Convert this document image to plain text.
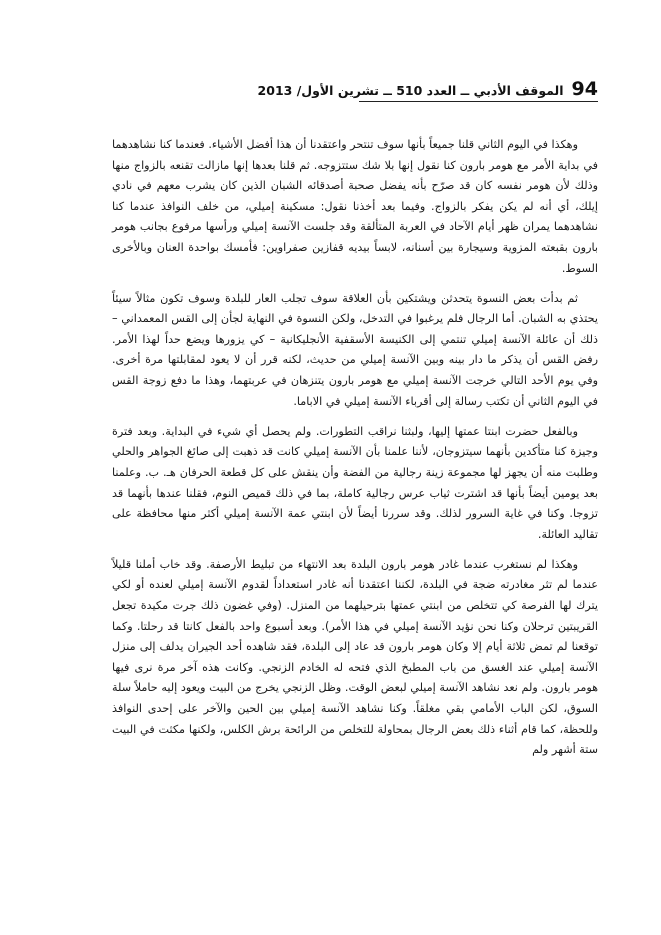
الموقف الأدبي ــ العدد 510 ــ تشرين الأول/ 2013 94

وهكذا في اليوم الثاني قلنا جميعاً بأنها سوف تنتحر واعتقدنا أن هذا أفضل الأشياء. فعندما كنا نشاهدهما في بداية الأمر مع هومر بارون كنا نقول إنها بلا شك ستتزوجه. ثم قلنا بعدها إنها مازالت تقنعه بالزواج منها وذلك لأن هومر نفسه كان قد صرّح بأنه يفضل صحبة أصدقائه الشبان الذين كان يشرب معهم في نادي إيلك، أي أنه لم يكن يفكر بالزواج. وفيما بعد أخذنا نقول: مسكينة إميلي، من خلف النوافذ عندما كنا نشاهدهما يمران ظهر أيام الآحاد في العربة المتألقة وقد جلست الآنسة إميلي ورأسها مرفوع بجانب هومر بارون بقبعته المزوية وسيجارة بين أسنانه، لابساً بيديه قفازين صفراوين: فأمسك بواحدة العنان وبالأخرى السوط.

ثم بدأت بعض النسوة يتحدثن ويشتكين بأن العلاقة سوف تجلب العار للبلدة وسوف تكون مثالاً سيئاً يحتذي به الشبان. أما الرجال فلم يرغبوا في التدخل، ولكن النسوة في النهاية لجأن إلى القس المعمداني – ذلك أن عائلة الآنسة إميلي تنتمي إلى الكنيسة الأسقفية الأنجليكانية – كي يزورها ويضع حداً لهذا الأمر. رفض القس أن يذكر ما دار بينه وبين الآنسة إميلي من حديث، لكنه قرر أن لا يعود لمقابلتها مرة أخرى. وفي يوم الأحد التالي خرجت الآنسة إميلي مع هومر بارون يتنزهان في عربتهما، وهذا ما دفع زوجة القس في اليوم الثاني أن تكتب رسالة إلى أقرباء الآنسة إميلي في الاباما.

وبالفعل حضرت ابنتا عمتها إليها، ولبثنا نراقب التطورات. ولم يحصل أي شيء في البداية. وبعد فترة وجيزة كنا متأكدين بأنهما سيتزوجان، لأننا علمنا بأن الآنسة إميلي كانت قد ذهبت إلى صائغ الجواهر والحلي وطلبت منه أن يجهز لها مجموعة زينة رجالية من الفضة وأن ينقش على كل قطعة الحرفان هـ. ب. وعلمنا بعد يومين أيضاً بأنها قد اشترت ثياب عرس رجالية كاملة، بما في ذلك قميص النوم، فقلنا عندها بأنهما قد تزوجا. وكنا في غاية السرور لذلك. وقد سررنا أيضاً لأن ابنتي عمة الآنسة إميلي أكثر منها محافظة على تقاليد العائلة.

وهكذا لم نستغرب عندما غادر هومر بارون البلدة بعد الانتهاء من تبليط الأرصفة. وقد خاب أملنا قليلاً عندما لم تثر مغادرته ضجة في البلدة، لكننا اعتقدنا أنه غادر استعداداً لقدوم الآنسة إميلي لعنده أو لكي يترك لها الفرصة كي تتخلص من ابنتي عمتها بترحيلهما من المنزل. (وفي غضون ذلك جرت مكيدة تجعل القريبتين ترحلان وكنا نحن نؤيد الآنسة إميلي في هذا الأمر). وبعد أسبوع واحد بالفعل كانتا قد رحلتا. وكما توقعنا لم تمض ثلاثة أيام إلا وكان هومر بارون قد عاد إلى البلدة، فقد شاهده أحد الجيران يدلف إلى منزل الآنسة إميلي عند الغسق من باب المطبخ الذي فتحه له الخادم الزنجي. وكانت هذه آخر مرة نرى فيها هومر بارون. ولم نعد نشاهد الآنسة إميلي لبعض الوقت. وظل الزنجي يخرج من البيت ويعود إليه حاملاً سلة السوق، لكن الباب الأمامي بقي مغلقاً. وكنا نشاهد الآنسة إميلي بين الحين والآخر على إحدى النوافذ وللحظة، كما قام أثناء ذلك بعض الرجال بمحاولة للتخلص من الرائحة برش الكلس، ولكنها مكثت في البيت ستة أشهر ولم
